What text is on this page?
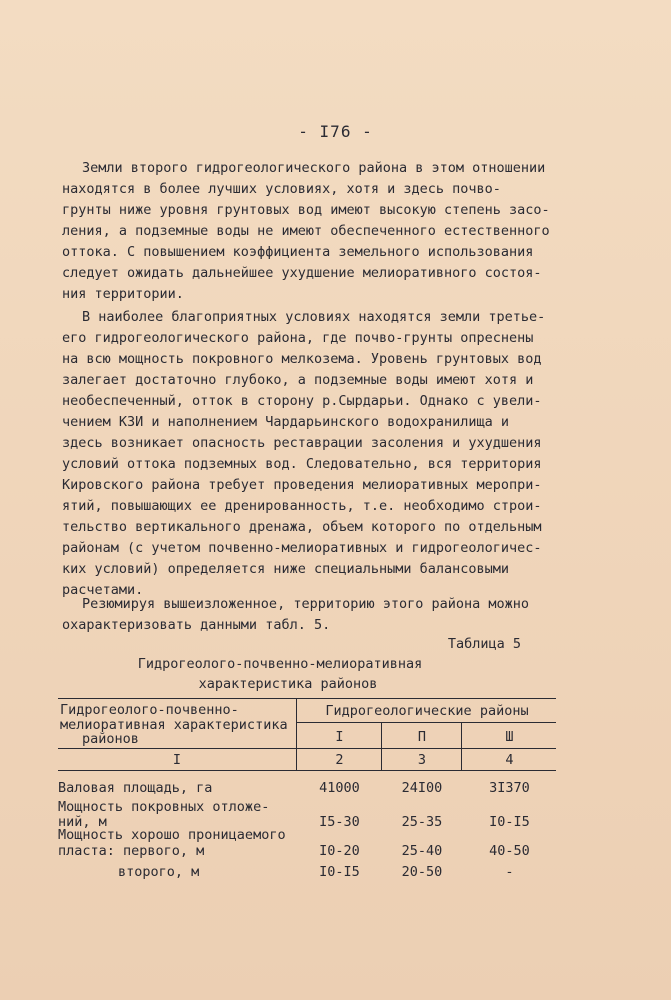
- I76 -
Земли второго гидрогеологического района в этом отношении
находятся в более лучших условиях, хотя и здесь почво-
грунты ниже уровня грунтовых вод имеют высокую степень засо-
ления, а подземные воды не имеют обеспеченного естественного
оттока. С повышением коэффициента земельного использования
следует ожидать дальнейшее ухудшение мелиоративного состоя-
ния территории.
В наиболее благоприятных условиях находятся земли третье-
его гидрогеологического района, где почво-грунты опреснены
на всю мощность покровного мелкозема. Уровень грунтовых вод
залегает достаточно глубоко, а подземные воды имеют хотя и
необеспеченный, отток в сторону р.Сырдарьи. Однако с увели-
чением КЗИ и наполнением Чардарьинского водохранилища и
здесь возникает опасность реставрации засоления и ухудшения
условий оттока подземных вод. Следовательно, вся территория
Кировского района требует проведения мелиоративных меропри-
ятий, повышающих ее дренированность, т.е. необходимо строи-
тельство вертикального дренажа, объем которого по отдельным
районам (с учетом почвенно-мелиоративных и гидрогеологичес-
ких условий) определяется ниже специальными балансовыми
расчетами.
Резюмируя вышеизложенное, территорию этого района можно
охарактеризовать данными табл. 5.
Таблица 5
Гидрогеолого-почвенно-мелиоративная
характеристика районов
Гидрогеолого-почвенно-
мелиоративная характеристика
районов
Гидрогеологические районы
I	П	Ш
I	2	3	4
Валовая площадь, га	41000	24I00	3I370
Мощность покровных отложе-
ний, м	I5-30	25-35	I0-I5
Мощность хорошо проницаемого
пласта: первого, м	I0-20	25-40	40-50
второго, м	I0-I5	20-50	-
